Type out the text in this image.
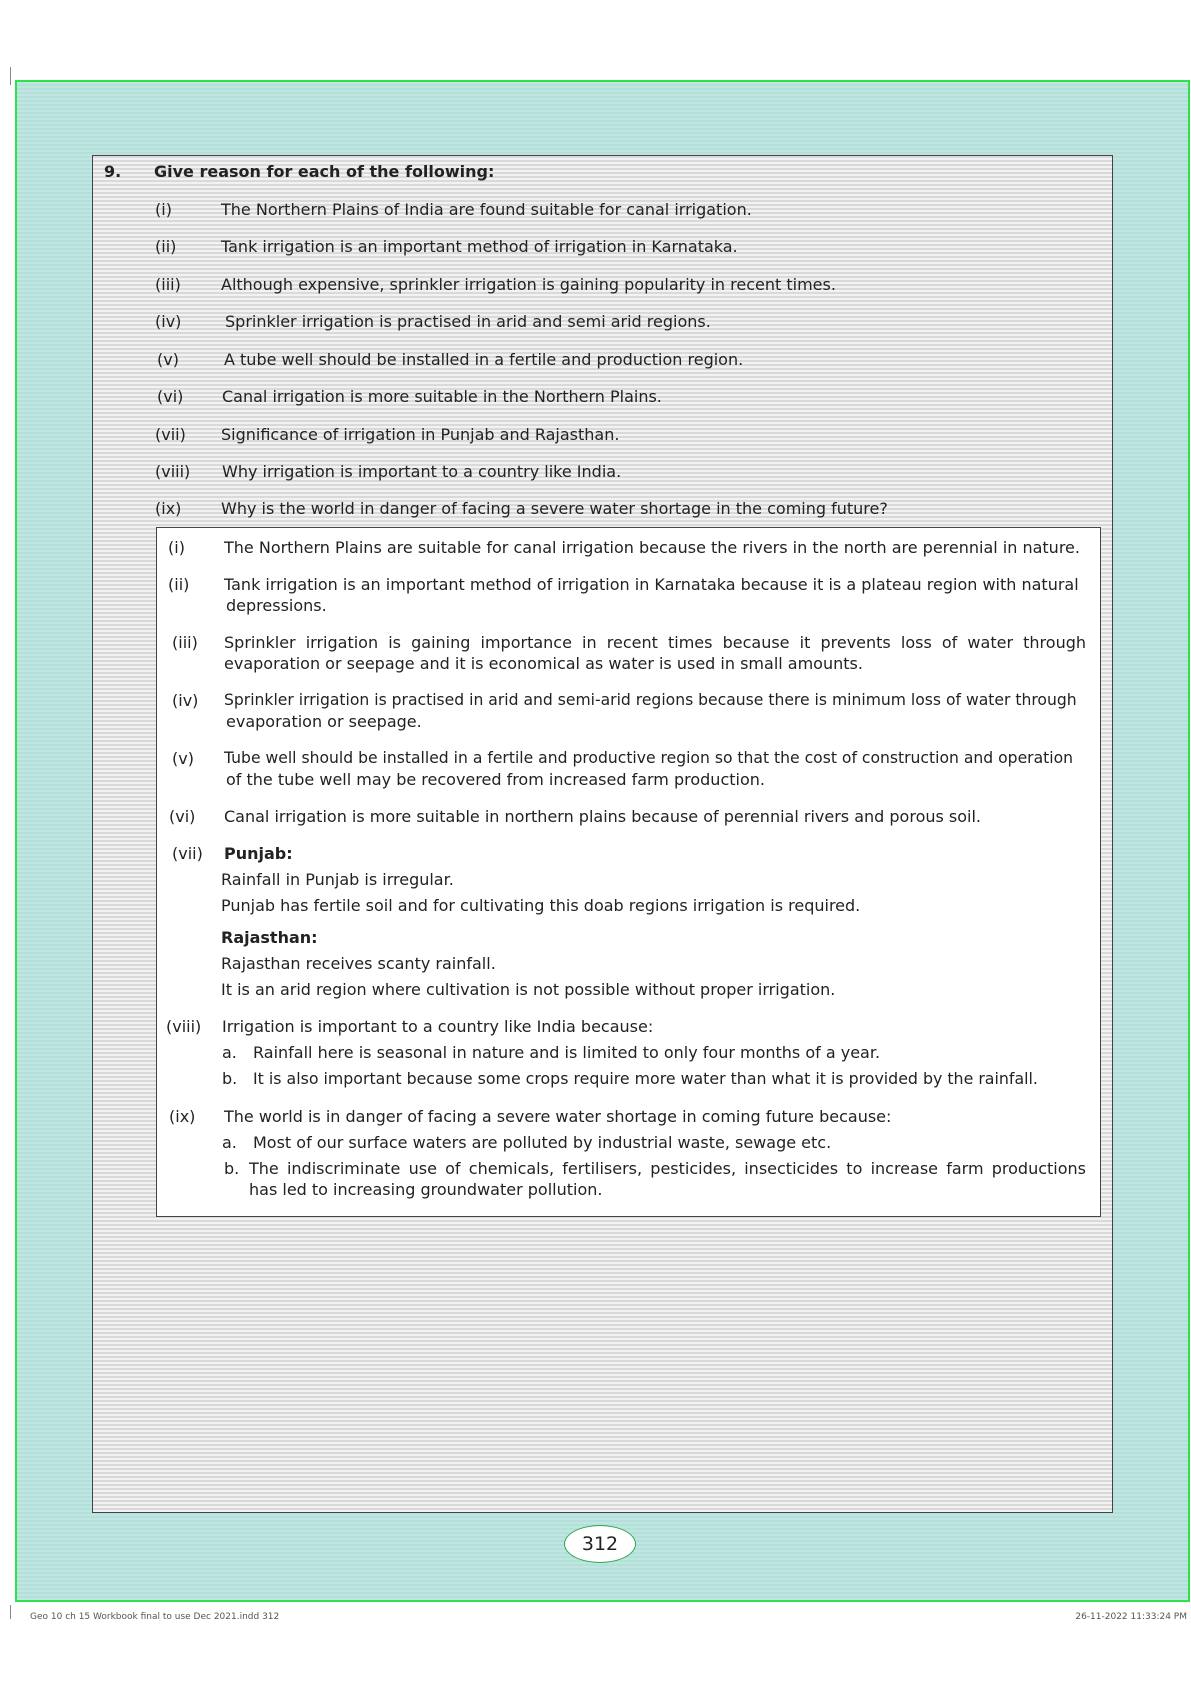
9. Give reason for each of the following:
(i)	The Northern Plains of India are found suitable for canal irrigation.
(ii)	Tank irrigation is an important method of irrigation in Karnataka.
(iii)	Although expensive, sprinkler irrigation is gaining popularity in recent times.
(iv)	Sprinkler irrigation is practised in arid and semi arid regions.
(v)	A tube well should be installed in a fertile and production region.
(vi)	Canal irrigation is more suitable in the Northern Plains.
(vii)	Significance of irrigation in Punjab and Rajasthan.
(viii)	Why irrigation is important to a country like India.
(ix)	Why is the world in danger of facing a severe water shortage in the coming future?
(i)	The Northern Plains are suitable for canal irrigation because the rivers in the north are perennial in nature.
(ii)	Tank irrigation is an important method of irrigation in Karnataka because it is a plateau region with natural
depressions.
(iii)	Sprinkler irrigation is gaining importance in recent times because it prevents loss of water through
evaporation or seepage and it is economical as water is used in small amounts.
(iv)	Sprinkler irrigation is practised in arid and semi-arid regions because there is minimum loss of water through
evaporation or seepage.
(v)	Tube well should be installed in a fertile and productive region so that the cost of construction and operation
of the tube well may be recovered from increased farm production.
(vi)	Canal irrigation is more suitable in northern plains because of perennial rivers and porous soil.
(vii)	Punjab:
Rainfall in Punjab is irregular.
Punjab has fertile soil and for cultivating this doab regions irrigation is required.
Rajasthan:
Rajasthan receives scanty rainfall.
It is an arid region where cultivation is not possible without proper irrigation.
(viii)	Irrigation is important to a country like India because:
a. Rainfall here is seasonal in nature and is limited to only four months of a year.
b. It is also important because some crops require more water than what it is provided by the rainfall.
(ix)	The world is in danger of facing a severe water shortage in coming future because:
a. Most of our surface waters are polluted by industrial waste, sewage etc.
b. The indiscriminate use of chemicals, fertilisers, pesticides, insecticides to increase farm productions
has led to increasing groundwater pollution.
312
Geo 10 ch 15 Workbook final to use Dec 2021.indd 312	26-11-2022 11:33:24 PM
